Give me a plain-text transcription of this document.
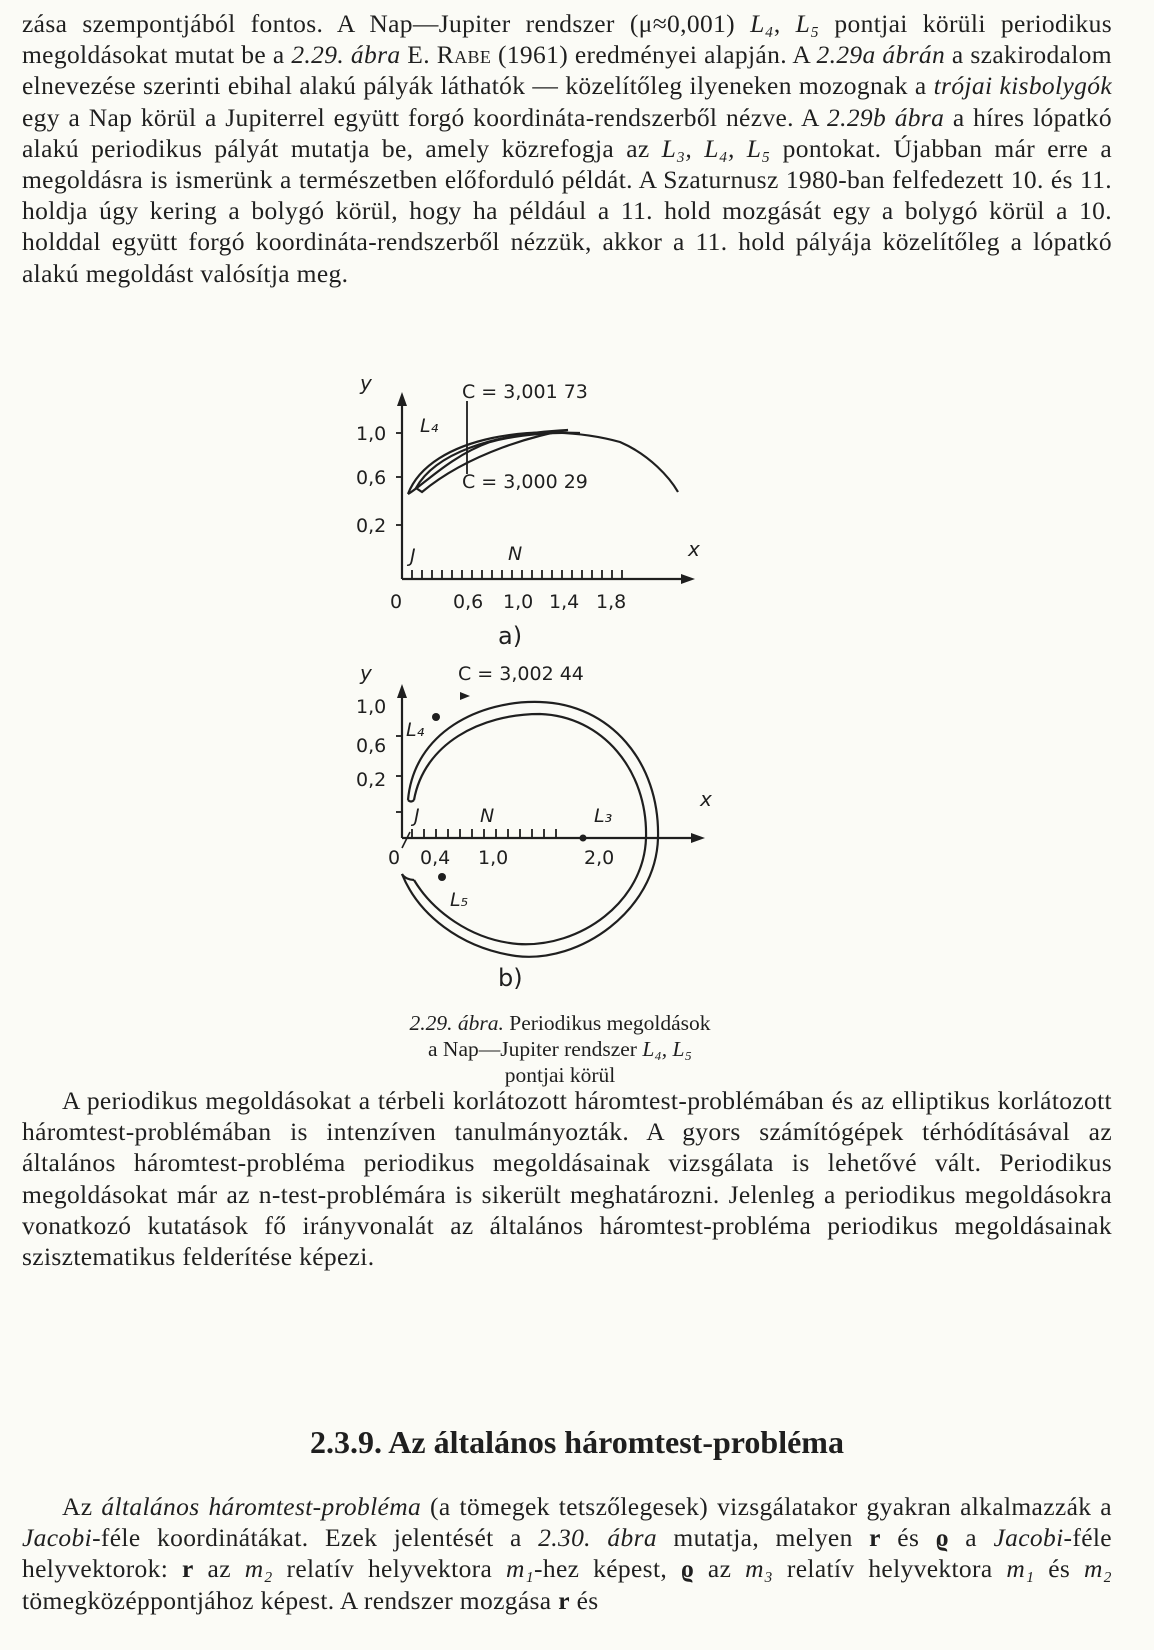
zása szempontjából fontos. A Nap—Jupiter rendszer (μ≈0,001) L₄, L₅ pontjai körüli periodikus megoldásokat mutat be a 2.29. ábra E. Rabe (1961) eredményei alapján. A 2.29a ábrán a szakirodalom elnevezése szerinti ebihal alakú pályák láthatók — közelítőleg ilyeneken mozognak a trójai kisbolygók egy a Nap körül a Jupiterrel együtt forgó koordináta-rendszerből nézve. A 2.29b ábra a híres lópatkó alakú periodikus pályát mutatja be, amely közrefogja az L₃, L₄, L₅ pontokat. Újabban már erre a megoldásra is ismerünk a természetben előforduló példát. A Szaturnusz 1980-ban felfedezett 10. és 11. holdja úgy kering a bolygó körül, hogy ha például a 11. hold mozgását egy a bolygó körül a 10. holddal együtt forgó koordináta-rendszerből nézzük, akkor a 11. hold pályája közelítőleg a lópatkó alakú megoldást valósítja meg.

y
x
1,0
0,6
0,2
0	0,6 1,0 1,4 1,8
C = 3,001 73
C = 3,000 29
L₄
J	N
a)
y
x
1,0
0,6
0,2
0 0,4 1,0	2,0
C = 3,002 44
L₄
L₃
L₅
J	N
b)
2.29. ábra. Periodikus megoldások
a Nap—Jupiter rendszer L₄, L₅
pontjai körül

A periodikus megoldásokat a térbeli korlátozott háromtest-problémában és az elliptikus korlátozott háromtest-problémában is intenzíven tanulmányozták. A gyors számítógépek térhódításával az általános háromtest-probléma periodikus megoldásainak vizsgálata is lehetővé vált. Periodikus megoldásokat már az n-test-problémára is sikerült meghatározni. Jelenleg a periodikus megoldásokra vonatkozó kutatások fő irányvonalát az általános háromtest-probléma periodikus megoldásainak szisztematikus felderítése képezi.

2.3.9. Az általános háromtest-probléma

Az általános háromtest-probléma (a tömegek tetszőlegesek) vizsgálatakor gyakran alkalmazzák a Jacobi-féle koordinátákat. Ezek jelentését a 2.30. ábra mutatja, melyen r és ϱ a Jacobi-féle helyvektorok: r az m₂ relatív helyvektora m₁-hez képest, ϱ az m₃ relatív helyvektora m₁ és m₂ tömegközéppontjához képest. A rendszer mozgása r és
